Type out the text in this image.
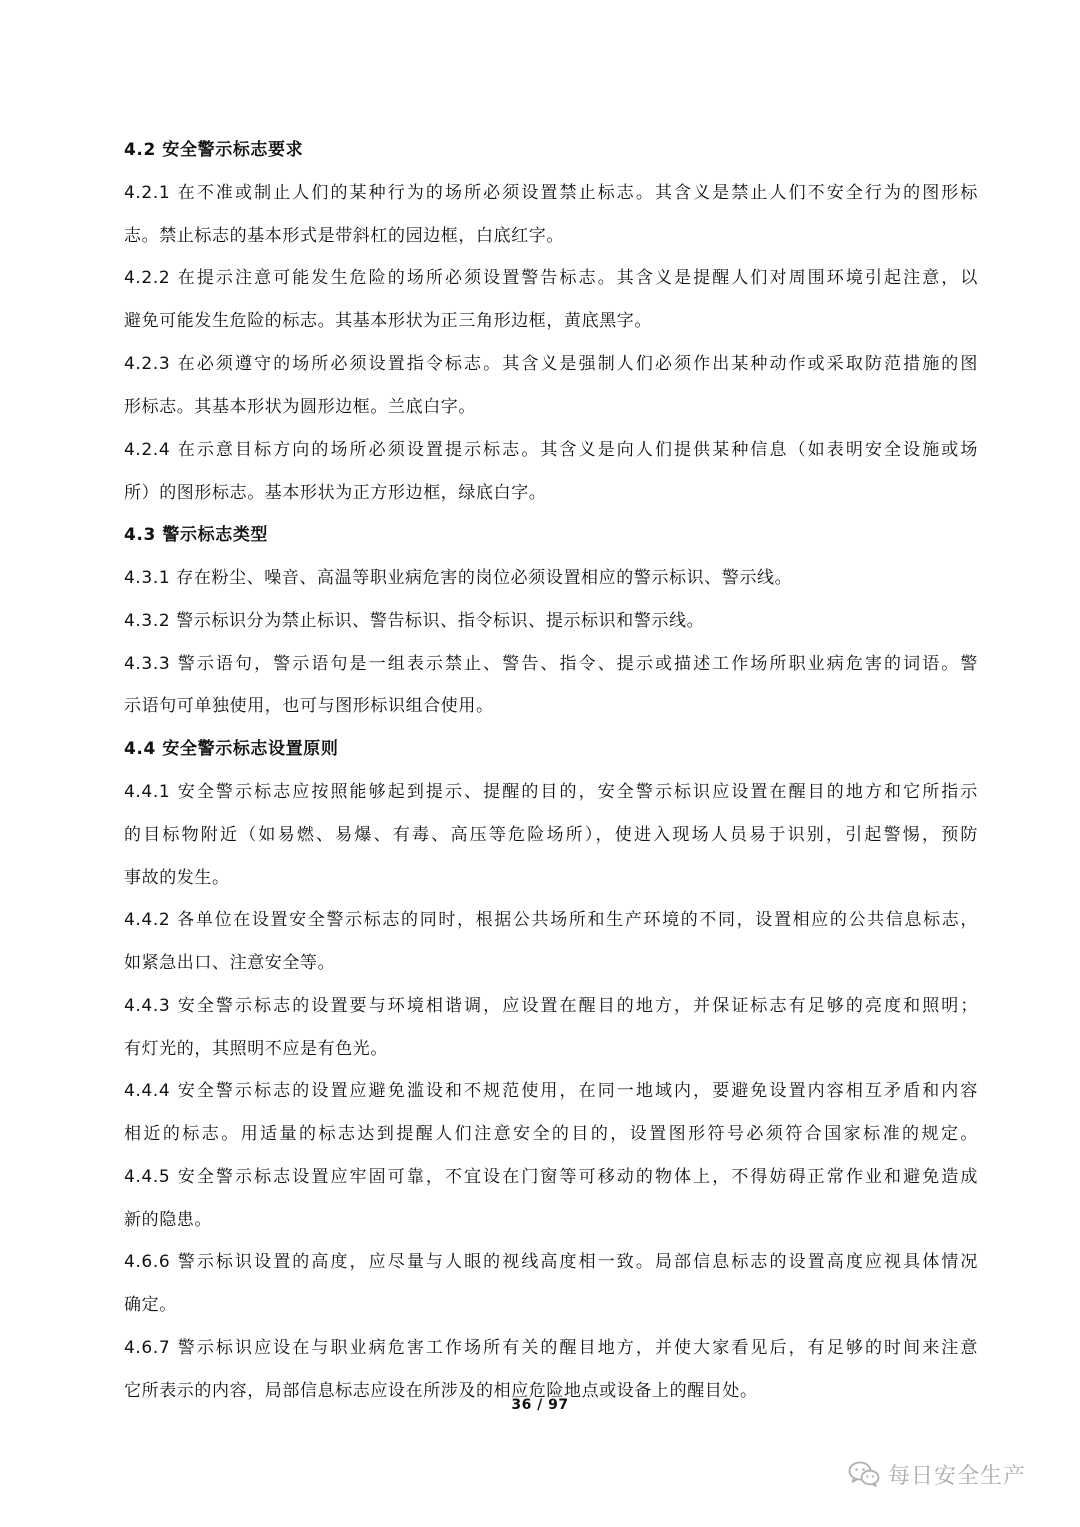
4.2 安全警示标志要求
4.2.1 在不准或制止人们的某种行为的场所必须设置禁止标志。其含义是禁止人们不安全行为的图形标
志。禁止标志的基本形式是带斜杠的园边框，白底红字。
4.2.2 在提示注意可能发生危险的场所必须设置警告标志。其含义是提醒人们对周围环境引起注意，以
避免可能发生危险的标志。其基本形状为正三角形边框，黄底黑字。
4.2.3 在必须遵守的场所必须设置指令标志。其含义是强制人们必须作出某种动作或采取防范措施的图
形标志。其基本形状为圆形边框。兰底白字。
4.2.4 在示意目标方向的场所必须设置提示标志。其含义是向人们提供某种信息（如表明安全设施或场
所）的图形标志。基本形状为正方形边框，绿底白字。
4.3 警示标志类型
4.3.1 存在粉尘、噪音、高温等职业病危害的岗位必须设置相应的警示标识、警示线。
4.3.2 警示标识分为禁止标识、警告标识、指令标识、提示标识和警示线。
4.3.3 警示语句，警示语句是一组表示禁止、警告、指令、提示或描述工作场所职业病危害的词语。警
示语句可单独使用，也可与图形标识组合使用。
4.4 安全警示标志设置原则
4.4.1 安全警示标志应按照能够起到提示、提醒的目的，安全警示标识应设置在醒目的地方和它所指示
的目标物附近（如易燃、易爆、有毒、高压等危险场所），使进入现场人员易于识别，引起警惕，预防
事故的发生。
4.4.2 各单位在设置安全警示标志的同时，根据公共场所和生产环境的不同，设置相应的公共信息标志，
如紧急出口、注意安全等。
4.4.3 安全警示标志的设置要与环境相谐调，应设置在醒目的地方，并保证标志有足够的亮度和照明；
有灯光的，其照明不应是有色光。
4.4.4 安全警示标志的设置应避免滥设和不规范使用，在同一地域内，要避免设置内容相互矛盾和内容
相近的标志。用适量的标志达到提醒人们注意安全的目的，设置图形符号必须符合国家标准的规定。
4.4.5 安全警示标志设置应牢固可靠，不宜设在门窗等可移动的物体上，不得妨碍正常作业和避免造成
新的隐患。
4.6.6 警示标识设置的高度，应尽量与人眼的视线高度相一致。局部信息标志的设置高度应视具体情况
确定。
4.6.7 警示标识应设在与职业病危害工作场所有关的醒目地方，并使大家看见后，有足够的时间来注意
它所表示的内容，局部信息标志应设在所涉及的相应危险地点或设备上的醒目处。
36 / 97
每日安全生产
